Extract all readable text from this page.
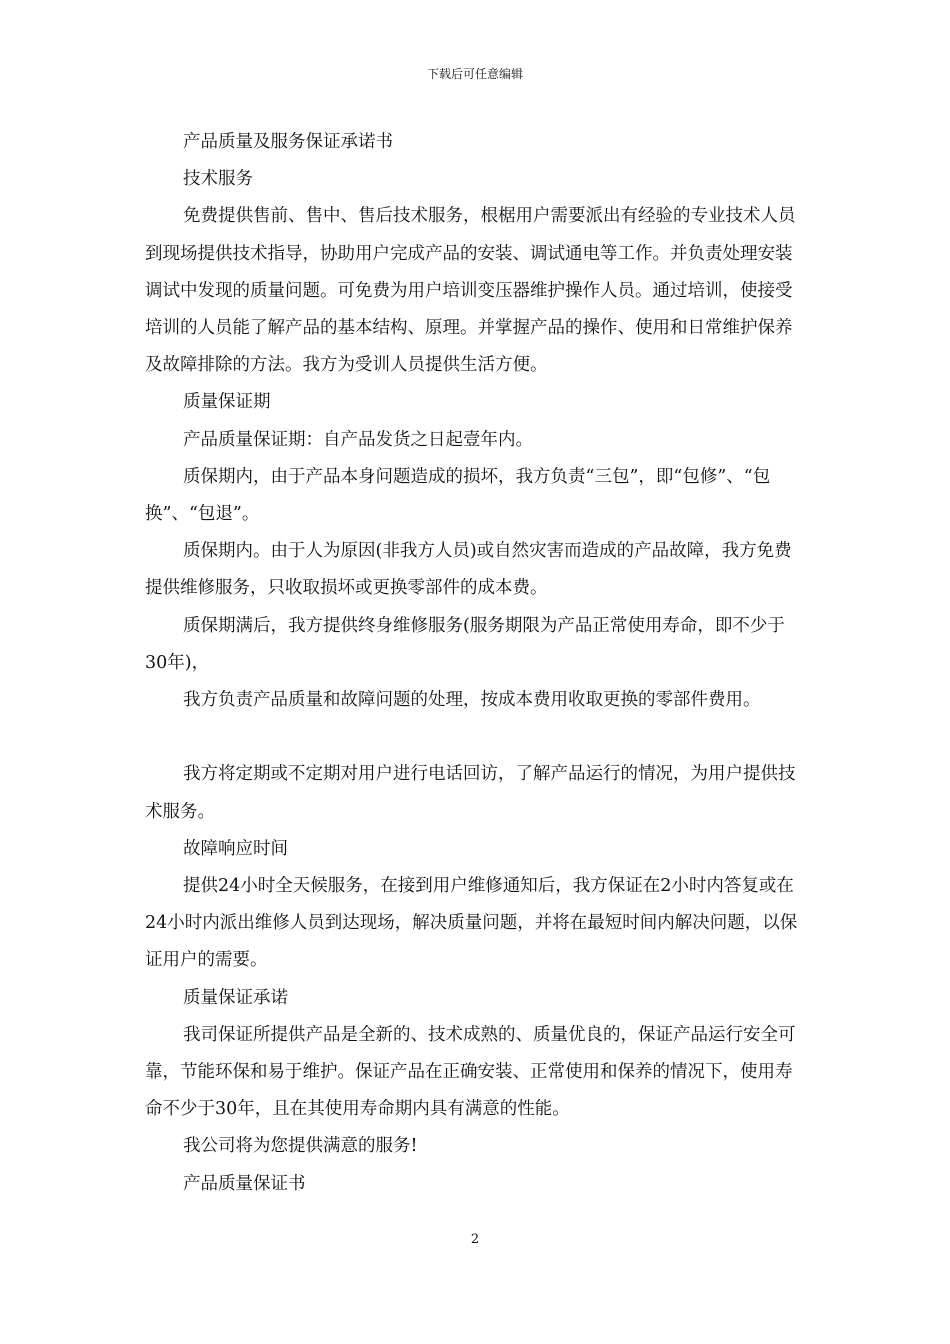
下载后可任意编辑

产品质量及服务保证承诺书

技术服务

免费提供售前、售中、售后技术服务，根椐用户需要派出有经验的专业技术人员到现场提供技术指导，协助用户完成产品的安装、调试通电等工作。并负责处理安装调试中发现的质量问题。可免费为用户培训变压器维护操作人员。通过培训，使接受培训的人员能了解产品的基本结构、原理。并掌握产品的操作、使用和日常维护保养及故障排除的方法。我方为受训人员提供生活方便。

质量保证期

产品质量保证期：自产品发货之日起壹年内。

质保期内，由于产品本身问题造成的损坏，我方负责“三包”，即“包修”、“包换”、“包退”。

质保期内。由于人为原因(非我方人员)或自然灾害而造成的产品故障，我方免费提供维修服务，只收取损坏或更换零部件的成本费。

质保期满后，我方提供终身维修服务(服务期限为产品正常使用寿命，即不少于30年)，

我方负责产品质量和故障问题的处理，按成本费用收取更换的零部件费用。

我方将定期或不定期对用户进行电话回访，了解产品运行的情况，为用户提供技术服务。

故障响应时间

提供24小时全天候服务，在接到用户维修通知后，我方保证在2小时内答复或在24小时内派出维修人员到达现场，解决质量问题，并将在最短时间内解决问题，以保证用户的需要。

质量保证承诺

我司保证所提供产品是全新的、技术成熟的、质量优良的，保证产品运行安全可靠，节能环保和易于维护。保证产品在正确安装、正常使用和保养的情况下，使用寿命不少于30年，且在其使用寿命期内具有满意的性能。

我公司将为您提供满意的服务!

产品质量保证书

2
